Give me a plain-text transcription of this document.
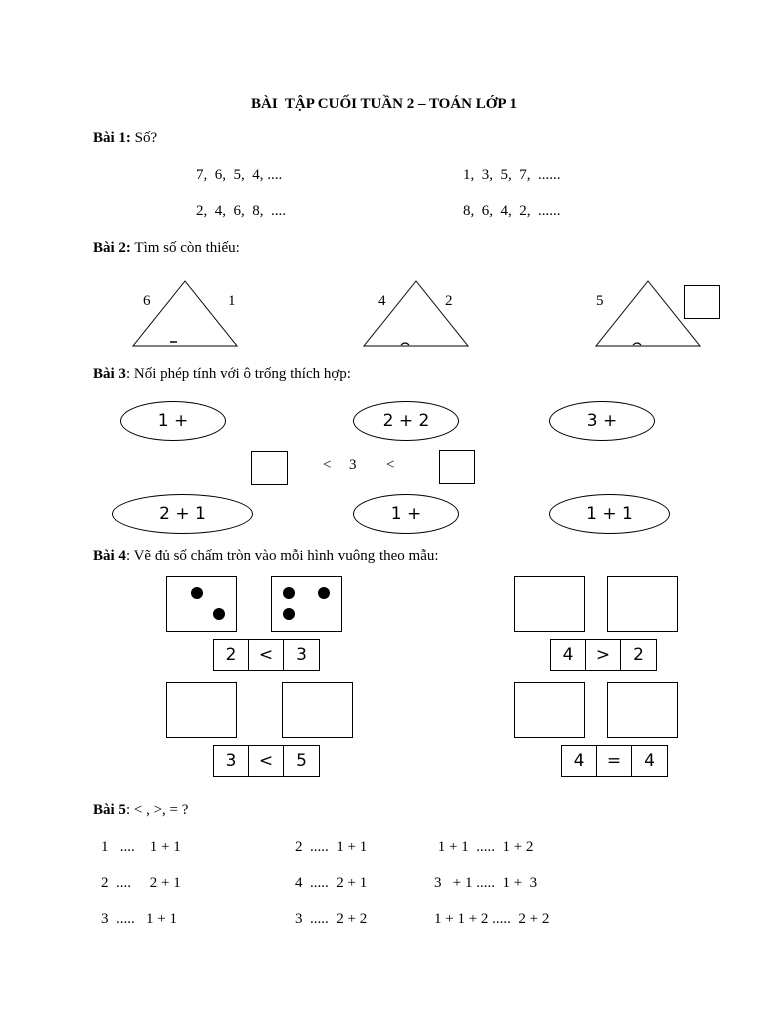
BÀI  TẬP CUỐI TUẦN 2 – TOÁN LỚP 1
Bài 1: Số?
7,  6,  5,  4, ....	1,  3,  5,  7,  ......
2,  4,  6,  8,  ....	8,  6,  4,  2,  ......
Bài 2: Tìm số còn thiếu:
6	1	4	2	5
Bài 3: Nối phép tính với ô trống thích hợp:
1 +	2 + 2	3 +
< 3 <
2 + 1	1 +	1 + 1
Bài 4: Vẽ đủ số chấm tròn vào mỗi hình vuông theo mẫu:
2	<	3	4	>	2
3	<	5	4	=	4
Bài 5: < , >, = ?
1   ....    1 + 1	2  .....  1 + 1	1 + 1  .....  1 + 2
2  ....     2 + 1	4  .....  2 + 1	3   + 1 .....  1 +  3
3  .....   1 + 1	3  .....  2 + 2	1 + 1 + 2 .....  2 + 2
